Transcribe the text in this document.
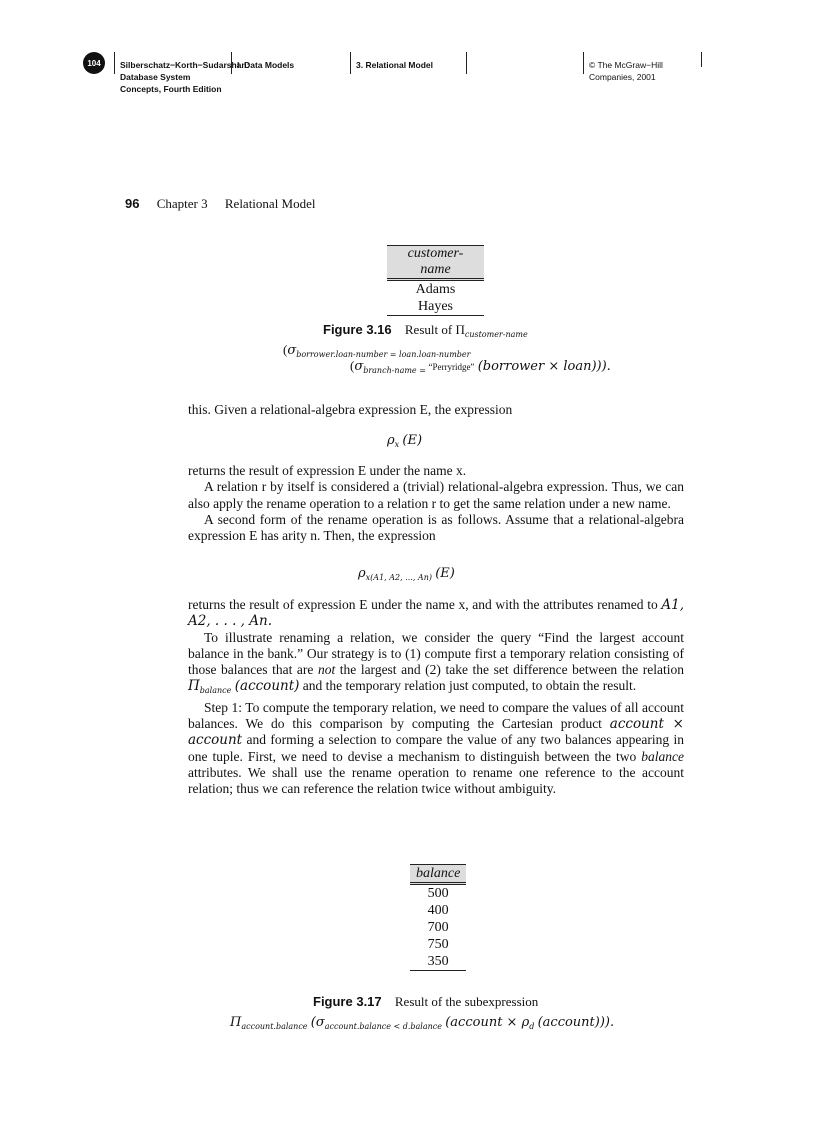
104	Silberschatz−Korth−Sudarshan:
Database System
Concepts, Fourth Edition
I. Data Models	3. Relational Model	© The McGraw−Hill
Companies, 2001
96 Chapter 3 Relational Model
customer-name
Adams
Hayes
Figure 3.16 Result of $\Pi_{customer-name}$
($\sigma_{borrower.loan-number = loan.loan-number}$
($\sigma_{branch-name =}$ “Perryridge” (borrower × loan))).

this. Given a relational-algebra expression E, the expression

$\rho_x$ (E)

returns the result of expression E under the name x.

A relation r by itself is considered a (trivial) relational-algebra expression. Thus, we can also apply the rename operation to a relation r to get the same relation under a new name.

A second form of the rename operation is as follows. Assume that a relational-algebra expression E has arity n. Then, the expression

$\rho_{x(A1, A2, ..., An)}$ (E)

returns the result of expression E under the name x, and with the attributes renamed to A1, A2, . . . , An.

To illustrate renaming a relation, we consider the query “Find the largest account balance in the bank.” Our strategy is to (1) compute first a temporary relation consisting of those balances that are not the largest and (2) take the set difference between the relation $\Pi_{balance}$ (account) and the temporary relation just computed, to obtain the result.

Step 1: To compute the temporary relation, we need to compare the values of all account balances. We do this comparison by computing the Cartesian product account × account and forming a selection to compare the value of any two balances appearing in one tuple. First, we need to devise a mechanism to distinguish between the two balance attributes. We shall use the rename operation to rename one reference to the account relation; thus we can reference the relation twice without ambiguity.

balance
500
400
700
750
350
Figure 3.17 Result of the subexpression
$\Pi_{account.balance}$ ($\sigma_{account.balance < d.balance}$ (account × $\rho_d$ (account))).
